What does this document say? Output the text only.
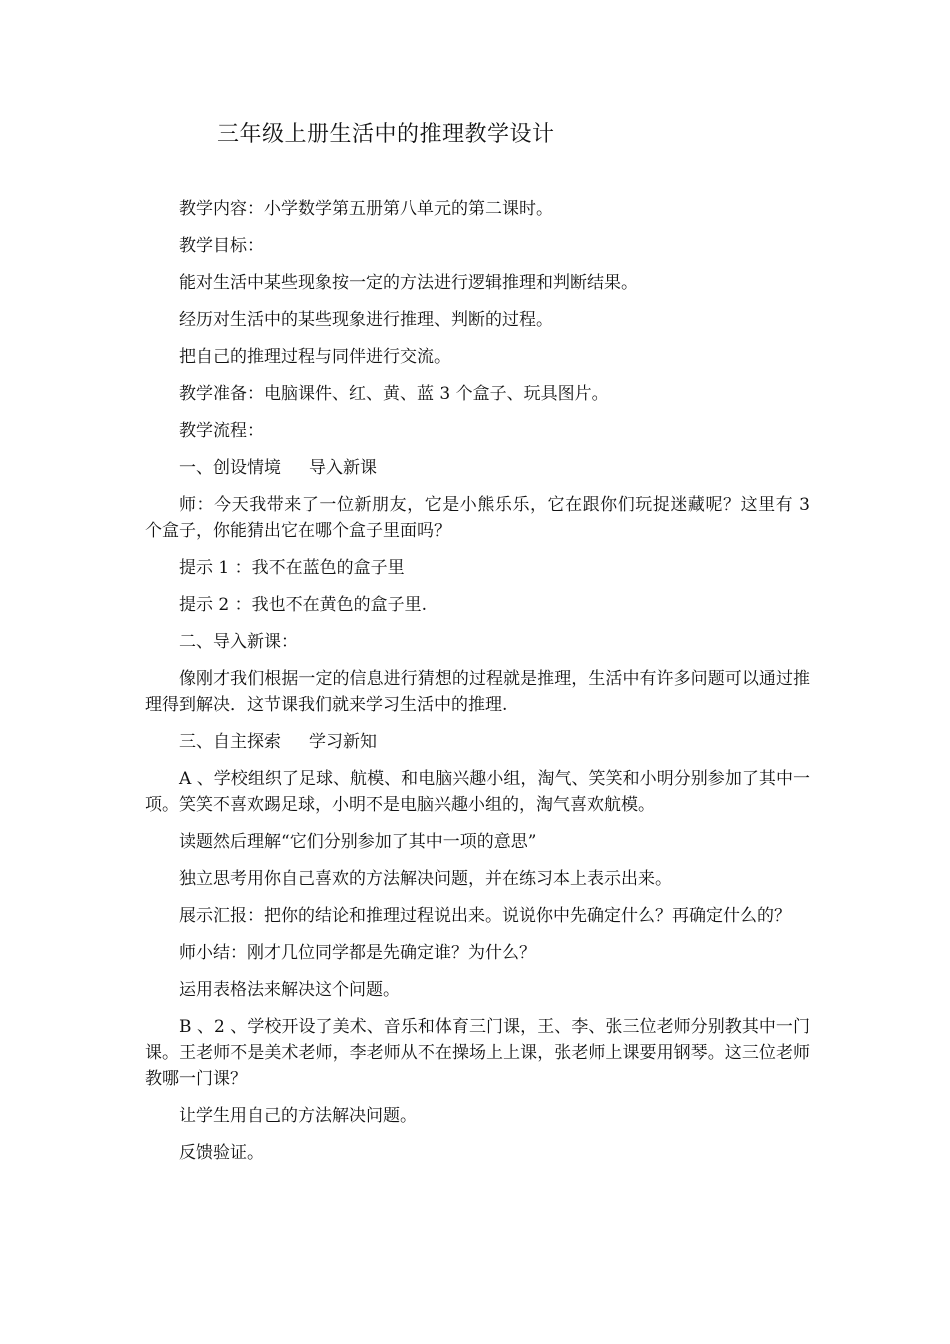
三年级上册生活中的推理教学设计

教学内容：小学数学第五册第八单元的第二课时。

教学目标：

能对生活中某些现象按一定的方法进行逻辑推理和判断结果。

经历对生活中的某些现象进行推理、判断的过程。

把自己的推理过程与同伴进行交流。

教学准备：电脑课件、红、黄、蓝 3 个盒子、玩具图片。

教学流程：

一、创设情境 导入新课

师：今天我带来了一位新朋友，它是小熊乐乐，它在跟你们玩捉迷藏呢？这里有 3 个盒子，你能猜出它在哪个盒子里面吗？

提示 1 ：我不在蓝色的盒子里

提示 2 ：我也不在黄色的盒子里.

二、导入新课：

像刚才我们根据一定的信息进行猜想的过程就是推理，生活中有许多问题可以通过推理得到解决．这节课我们就来学习生活中的推理.

三、自主探索 学习新知

A 、学校组织了足球、航模、和电脑兴趣小组，淘气、笑笑和小明分别参加了其中一项。笑笑不喜欢踢足球，小明不是电脑兴趣小组的，淘气喜欢航模。

读题然后理解“它们分别参加了其中一项的意思”

独立思考用你自己喜欢的方法解决问题，并在练习本上表示出来。

展示汇报：把你的结论和推理过程说出来。说说你中先确定什么？再确定什么的？

师小结：刚才几位同学都是先确定谁？为什么？

运用表格法来解决这个问题。

B 、2 、学校开设了美术、音乐和体育三门课，王、李、张三位老师分别教其中一门课。王老师不是美术老师，李老师从不在操场上上课，张老师上课要用钢琴。这三位老师教哪一门课？

让学生用自己的方法解决问题。

反馈验证。
